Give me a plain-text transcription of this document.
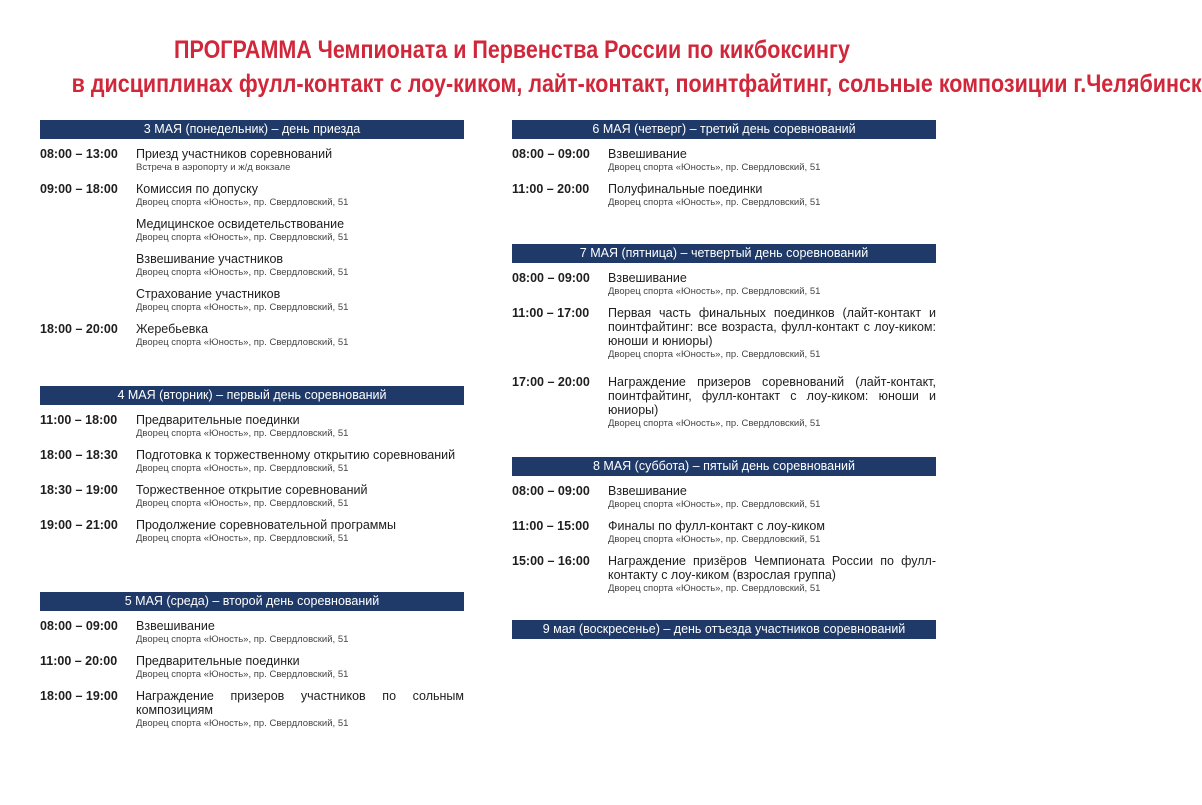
ПРОГРАММА Чемпионата и Первенства России по кикбоксингу
в дисциплинах фулл-контакт с лоу-киком, лайт-контакт, поинтфайтинг, сольные композиции г.Челябинск
3 МАЯ (понедельник) – день приезда
08:00 – 13:00	Приезд участников соревнований
Встреча в аэропорту и ж/д вокзале
09:00 – 18:00	Комиссия по допуску
Дворец спорта «Юность», пр. Свердловский, 51
Медицинское освидетельствование
Дворец спорта «Юность», пр. Свердловский, 51
Взвешивание участников
Дворец спорта «Юность», пр. Свердловский, 51
Страхование участников
Дворец спорта «Юность», пр. Свердловский, 51
18:00 – 20:00	Жеребьевка
Дворец спорта «Юность», пр. Свердловский, 51
4 МАЯ (вторник) – первый день соревнований
11:00 – 18:00	Предварительные поединки
Дворец спорта «Юность», пр. Свердловский, 51
18:00 – 18:30	Подготовка к торжественному открытию соревнований
Дворец спорта «Юность», пр. Свердловский, 51
18:30 – 19:00	Торжественное открытие соревнований
Дворец спорта «Юность», пр. Свердловский, 51
19:00 – 21:00	Продолжение соревновательной программы
Дворец спорта «Юность», пр. Свердловский, 51
5 МАЯ (среда) – второй день соревнований
08:00 – 09:00	Взвешивание
Дворец спорта «Юность», пр. Свердловский, 51
11:00 – 20:00	Предварительные поединки
Дворец спорта «Юность», пр. Свердловский, 51
18:00 – 19:00	Награждение призеров участников по сольным композициям
Дворец спорта «Юность», пр. Свердловский, 51
6 МАЯ (четверг) – третий день соревнований
08:00 – 09:00	Взвешивание
Дворец спорта «Юность», пр. Свердловский, 51
11:00 – 20:00	Полуфинальные поединки
Дворец спорта «Юность», пр. Свердловский, 51
7 МАЯ (пятница) – четвертый день соревнований
08:00 – 09:00	Взвешивание
Дворец спорта «Юность», пр. Свердловский, 51
11:00 – 17:00	Первая часть финальных поединков (лайт-контакт и поинтфайтинг: все возраста, фулл-контакт с лоу-киком: юноши и юниоры)
Дворец спорта «Юность», пр. Свердловский, 51
17:00 – 20:00	Награждение призеров соревнований (лайт-контакт, поинтфайтинг, фулл-контакт с лоу-киком: юноши и юниоры)
Дворец спорта «Юность», пр. Свердловский, 51
8 МАЯ (суббота) – пятый день соревнований
08:00 – 09:00	Взвешивание
Дворец спорта «Юность», пр. Свердловский, 51
11:00 – 15:00	Финалы по фулл-контакт с лоу-киком
Дворец спорта «Юность», пр. Свердловский, 51
15:00 – 16:00	Награждение призёров Чемпионата России по фулл-контакту с лоу-киком (взрослая группа)
Дворец спорта «Юность», пр. Свердловский, 51
9 мая (воскресенье) – день отъезда участников соревнований
